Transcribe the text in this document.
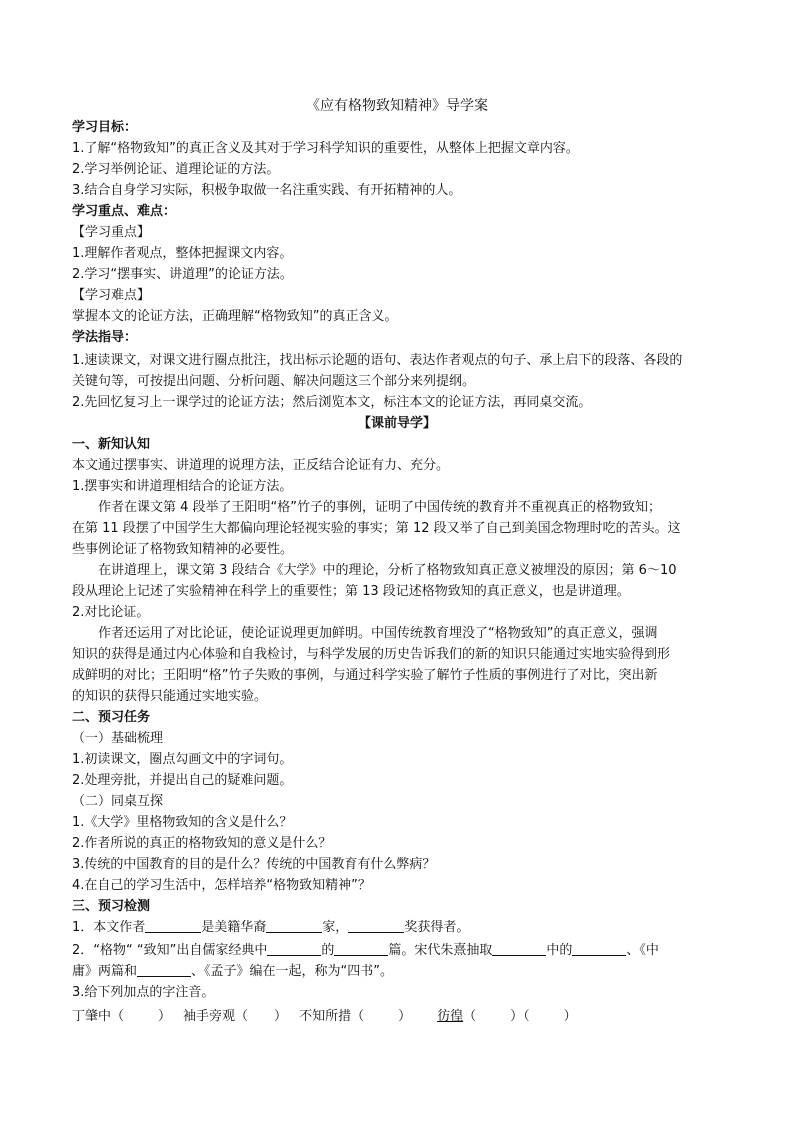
《应有格物致知精神》导学案
学习目标：
1.了解“格物致知”的真正含义及其对于学习科学知识的重要性，从整体上把握文章内容。
2.学习举例论证、道理论证的方法。
3.结合自身学习实际，积极争取做一名注重实践、有开拓精神的人。
学习重点、难点：
【学习重点】
1.理解作者观点，整体把握课文内容。
2.学习“摆事实、讲道理”的论证方法。
【学习难点】
掌握本文的论证方法，正确理解“格物致知”的真正含义。
学法指导：
1.速读课文，对课文进行圈点批注，找出标示论题的语句、表达作者观点的句子、承上启下的段落、各段的
关键句等，可按提出问题、分析问题、解决问题这三个部分来列提纲。
2.先回忆复习上一课学过的论证方法；然后浏览本文，标注本文的论证方法，再同桌交流。
【课前导学】
一、新知认知
本文通过摆事实、讲道理的说理方法，正反结合论证有力、充分。
1.摆事实和讲道理相结合的论证方法。
作者在课文第 4 段举了王阳明“格”竹子的事例，证明了中国传统的教育并不重视真正的格物致知；
在第 11 段摆了中国学生大都偏向理论轻视实验的事实；第 12 段又举了自己到美国念物理时吃的苦头。这
些事例论证了格物致知精神的必要性。
在讲道理上，课文第 3 段结合《大学》中的理论，分析了格物致知真正意义被埋没的原因；第 6～10
段从理论上记述了实验精神在科学上的重要性；第 13 段记述格物致知的真正意义，也是讲道理。
2.对比论证。
作者还运用了对比论证，使论证说理更加鲜明。中国传统教育埋没了“格物致知”的真正意义，强调
知识的获得是通过内心体验和自我检讨，与科学发展的历史告诉我们的新的知识只能通过实地实验得到形
成鲜明的对比；王阳明“格”竹子失败的事例，与通过科学实验了解竹子性质的事例进行了对比，突出新
的知识的获得只能通过实地实验。
二、预习任务
（一）基础梳理
1.初读课文，圈点勾画文中的字词句。
2.处理旁批，并提出自己的疑难问题。
（二）同桌互探
1.《大学》里格物致知的含义是什么？
2.作者所说的真正的格物致知的意义是什么？
3.传统的中国教育的目的是什么？传统的中国教育有什么弊病？
4.在自己的学习生活中，怎样培养“格物致知精神”？
三、预习检测
1．本文作者	是美籍华裔	家，	奖获得者。
2．“格物“ “致知”出自儒家经典中	的	篇。宋代朱熹抽取	中的	、《中
庸》两篇和	、《孟子》编在一起，称为“四书”。
3.给下列加点的字注音。
丁肇中（	） 袖手旁观（ ） 不知所措（	） 彷徨（	）（	）
